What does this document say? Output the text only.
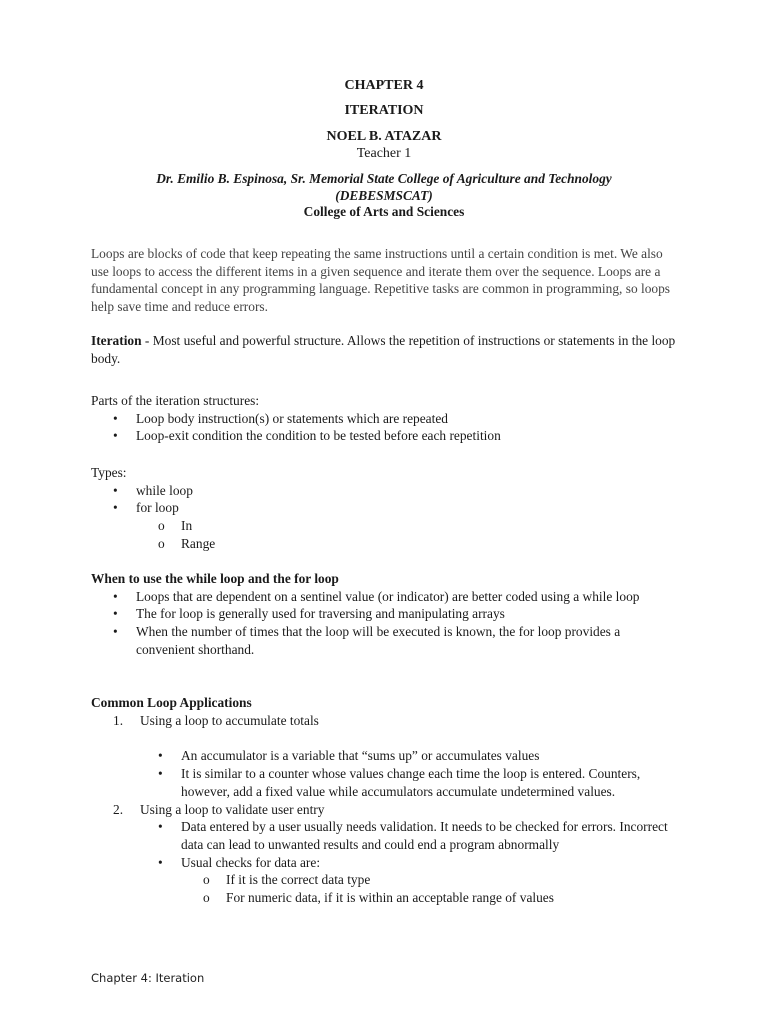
CHAPTER 4
ITERATION
NOEL B. ATAZAR
Teacher 1
Dr. Emilio B. Espinosa, Sr. Memorial State College of Agriculture and Technology
(DEBESMSCAT)
College of Arts and Sciences
Loops are blocks of code that keep repeating the same instructions until a certain condition is met. We also use loops to access the different items in a given sequence and iterate them over the sequence. Loops are a fundamental concept in any programming language. Repetitive tasks are common in programming, so loops help save time and reduce errors.
Iteration - Most useful and powerful structure. Allows the repetition of instructions or statements in the loop body.
Parts of the iteration structures:
• Loop body instruction(s) or statements which are repeated
• Loop-exit condition the condition to be tested before each repetition
Types:
• while loop
• for loop
o In
o Range
When to use the while loop and the for loop
• Loops that are dependent on a sentinel value (or indicator) are better coded using a while loop
• The for loop is generally used for traversing and manipulating arrays
• When the number of times that the loop will be executed is known, the for loop provides a convenient shorthand.
Common Loop Applications
1. Using a loop to accumulate totals
• An accumulator is a variable that “sums up” or accumulates values
• It is similar to a counter whose values change each time the loop is entered. Counters, however, add a fixed value while accumulators accumulate undetermined values.
2. Using a loop to validate user entry
• Data entered by a user usually needs validation. It needs to be checked for errors. Incorrect data can lead to unwanted results and could end a program abnormally
• Usual checks for data are:
o If it is the correct data type
o For numeric data, if it is within an acceptable range of values
Chapter 4: Iteration
